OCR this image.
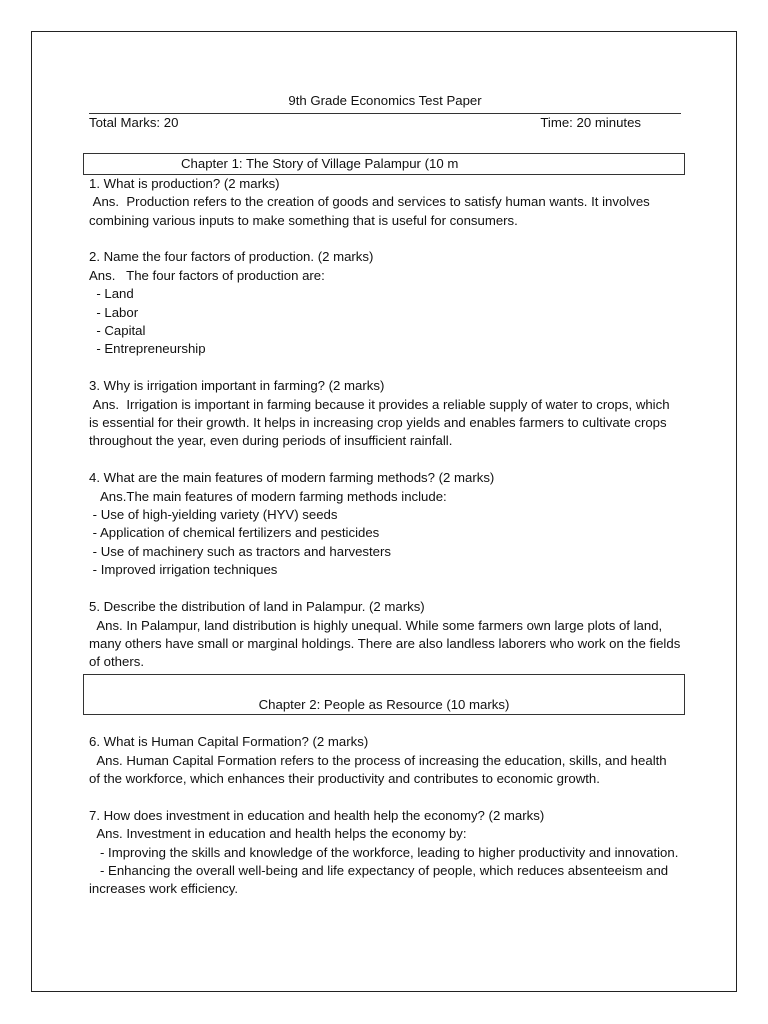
9th Grade Economics Test Paper
Total Marks: 20	Time: 20 minutes
Chapter 1: The Story of Village Palampur (10 m
1. What is production? (2 marks)
Ans.  Production refers to the creation of goods and services to satisfy human wants. It involves combining various inputs to make something that is useful for consumers.
2. Name the four factors of production. (2 marks)
Ans.   The four factors of production are:
- Land
- Labor
- Capital
- Entrepreneurship
3. Why is irrigation important in farming? (2 marks)
Ans.  Irrigation is important in farming because it provides a reliable supply of water to crops, which is essential for their growth. It helps in increasing crop yields and enables farmers to cultivate crops throughout the year, even during periods of insufficient rainfall.
4. What are the main features of modern farming methods? (2 marks)
Ans.The main features of modern farming methods include:
- Use of high-yielding variety (HYV) seeds
- Application of chemical fertilizers and pesticides
- Use of machinery such as tractors and harvesters
- Improved irrigation techniques
5. Describe the distribution of land in Palampur. (2 marks)
Ans. In Palampur, land distribution is highly unequal. While some farmers own large plots of land, many others have small or marginal holdings. There are also landless laborers who work on the fields of others.
Chapter 2: People as Resource (10 marks)
6. What is Human Capital Formation? (2 marks)
Ans. Human Capital Formation refers to the process of increasing the education, skills, and health of the workforce, which enhances their productivity and contributes to economic growth.
7. How does investment in education and health help the economy? (2 marks)
Ans. Investment in education and health helps the economy by:
- Improving the skills and knowledge of the workforce, leading to higher productivity and innovation.
- Enhancing the overall well-being and life expectancy of people, which reduces absenteeism and increases work efficiency.
